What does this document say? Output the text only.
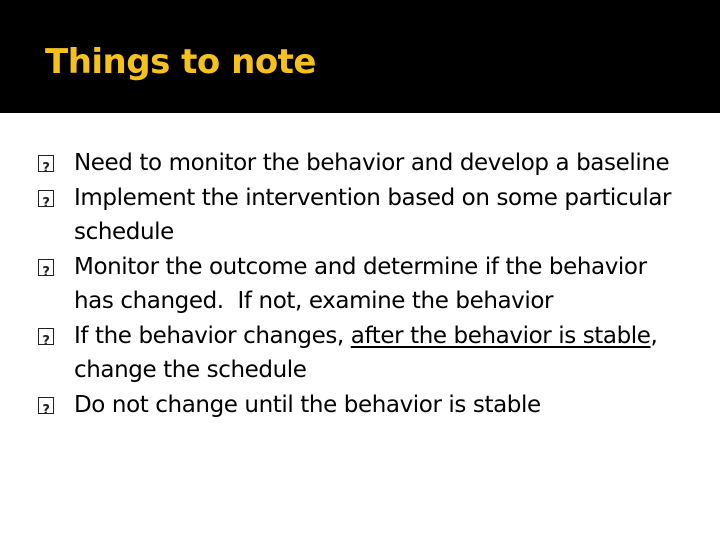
Things to note
?
Need to monitor the behavior and develop a baseline
?
Implement the intervention based on some particular schedule
?
Monitor the outcome and determine if the behavior has changed.  If not, examine the behavior
?
If the behavior changes, after the behavior is stable, change the schedule
?
Do not change until the behavior is stable
